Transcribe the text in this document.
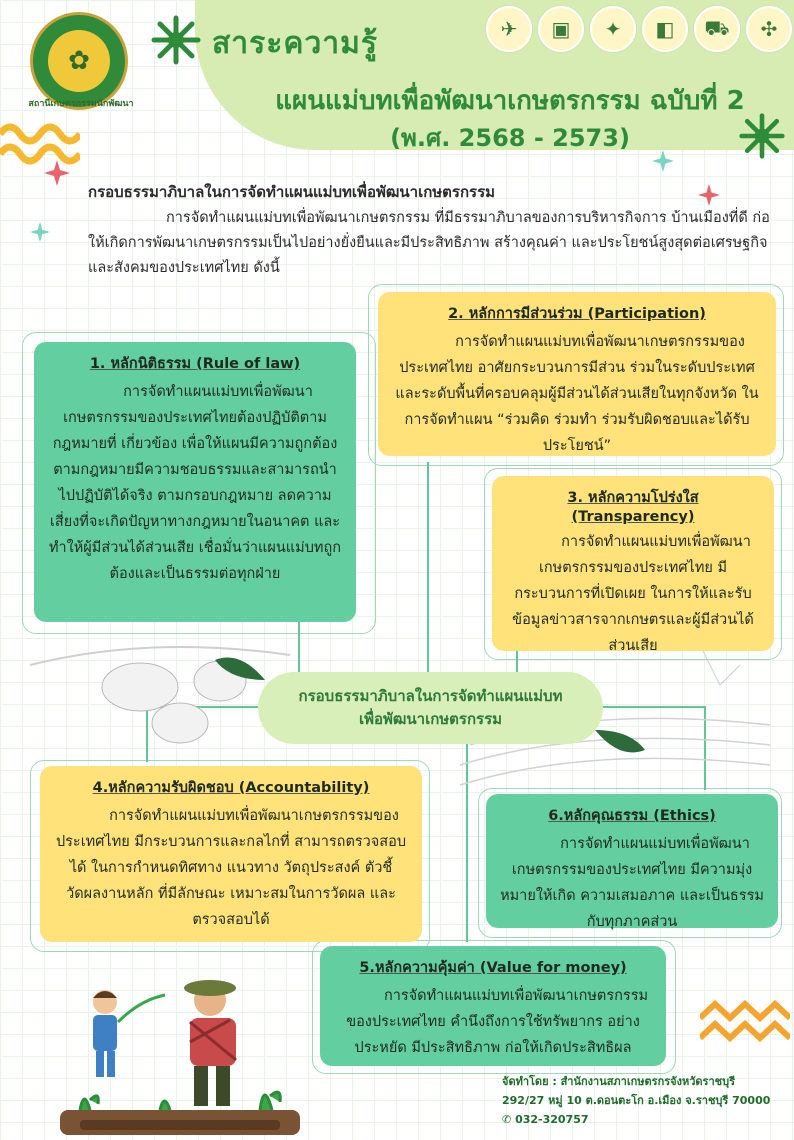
✿
สถานีเกษตรกรรมนักพัฒนา
สาระความรู้	✈	▣	✦	◧	⛟	✣
แผนแม่บทเพื่อพัฒนาเกษตรกรรม ฉบับที่ 2
(พ.ศ. 2568 - 2573)
กรอบธรรมาภิบาลในการจัดทำแผนแม่บทเพื่อพัฒนาเกษตรกรรม
การจัดทำแผนแม่บทเพื่อพัฒนาเกษตรกรรม ที่มีธรรมาภิบาลของการบริหารกิจการ บ้านเมืองที่ดี ก่อให้เกิดการพัฒนาเกษตรกรรมเป็นไปอย่างยั่งยืนและมีประสิทธิภาพ สร้างคุณค่า และประโยชน์สูงสุดต่อเศรษฐกิจและสังคมของประเทศไทย ดังนี้
1. หลักนิติธรรม (Rule of law)
การจัดทำแผนแม่บทเพื่อพัฒนาเกษตรกรรมของประเทศไทยต้องปฏิบัติตามกฎหมายที่ เกี่ยวข้อง เพื่อให้แผนมีความถูกต้องตามกฎหมายมีความชอบธรรมและสามารถนำไปปฏิบัติได้จริง ตามกรอบกฎหมาย ลดความเสี่ยงที่จะเกิดปัญหาทางกฎหมายในอนาคต และทำให้ผู้มีส่วนได้ส่วนเสีย เชื่อมั่นว่าแผนแม่บทถูกต้องและเป็นธรรมต่อทุกฝ่าย
2. หลักการมีส่วนร่วม (Participation)
การจัดทำแผนแม่บทเพื่อพัฒนาเกษตรกรรมของประเทศไทย อาศัยกระบวนการมีส่วน ร่วมในระดับประเทศ และระดับพื้นที่ครอบคลุมผู้มีส่วนได้ส่วนเสียในทุกจังหวัด ในการจัดทำแผน “ร่วมคิด ร่วมทำ ร่วมรับผิดชอบและได้รับประโยชน์”
3. หลักความโปร่งใส (Transparency)
การจัดทำแผนแม่บทเพื่อพัฒนาเกษตรกรรมของประเทศไทย มีกระบวนการที่เปิดเผย ในการให้และรับข้อมูลข่าวสารจากเกษตรและผู้มีส่วนได้ส่วนเสีย
กรอบธรรมาภิบาลในการจัดทำแผนแม่บท
เพื่อพัฒนาเกษตรกรรม
4.หลักความรับผิดชอบ (Accountability)
การจัดทำแผนแม่บทเพื่อพัฒนาเกษตรกรรมของประเทศไทย มีกระบวนการและกลไกที่ สามารถตรวจสอบได้ ในการกำหนดทิศทาง แนวทาง วัตถุประสงค์ ตัวชี้วัดผลงานหลัก ที่มีลักษณะ เหมาะสมในการวัดผล และตรวจสอบได้
6.หลักคุณธรรม (Ethics)
การจัดทำแผนแม่บทเพื่อพัฒนาเกษตรกรรมของประเทศไทย มีความมุ่งหมายให้เกิด ความเสมอภาค และเป็นธรรมกับทุกภาคส่วน
5.หลักความคุ้มค่า (Value for money)
การจัดทำแผนแม่บทเพื่อพัฒนาเกษตรกรรมของประเทศไทย คำนึงถึงการใช้ทรัพยากร อย่างประหยัด มีประสิทธิภาพ ก่อให้เกิดประสิทธิผล
จัดทำโดย : สำนักงานสภาเกษตรกรจังหวัดราชบุรี
292/27 หมู่ 10 ต.ดอนตะโก อ.เมือง จ.ราชบุรี 70000
✆ 032-320757
